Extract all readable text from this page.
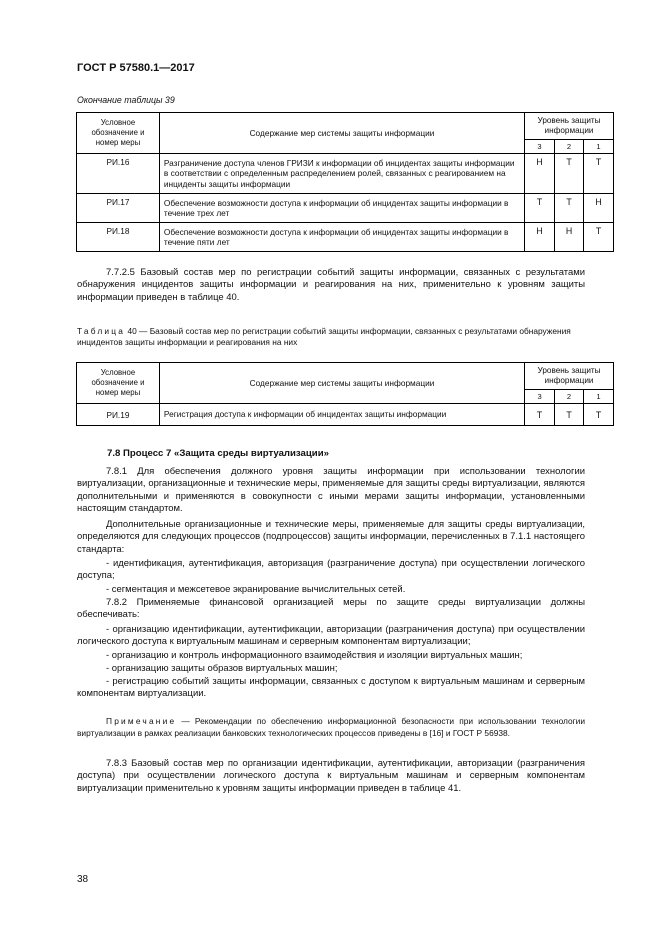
ГОСТ Р 57580.1—2017
Окончание таблицы 39
Условное обозначение и номер меры	Содержание мер системы защиты информации	Уровень защиты информации		
		3	2	1
РИ.16	Разграничение доступа членов ГРИЗИ к информации об инцидентах защиты информации в соответствии с определенным распределением ролей, связанных с реагированием на инциденты защиты информации	Н	Т	Т
РИ.17	Обеспечение возможности доступа к информации об инцидентах защиты информации в течение трех лет	Т	Т	Н
РИ.18	Обеспечение возможности доступа к информации об инцидентах защиты информации в течение пяти лет	Н	Н	Т
7.7.2.5 Базовый состав мер по регистрации событий защиты информации, связанных с результатами обнаружения инцидентов защиты информации и реагирования на них, применительно к уровням защиты информации приведен в таблице 40.
Таблица 40 — Базовый состав мер по регистрации событий защиты информации, связанных с результатами обнаружения инцидентов защиты информации и реагирования на них
Условное обозначение и номер меры	Содержание мер системы защиты информации	Уровень защиты информации		
		3	2	1
РИ.19	Регистрация доступа к информации об инцидентах защиты информации	Т	Т	Т
7.8 Процесс 7 «Защита среды виртуализации»
7.8.1 Для обеспечения должного уровня защиты информации при использовании технологии виртуализации, организационные и технические меры, применяемые для защиты среды виртуализации, являются дополнительными и применяются в совокупности с иными мерами защиты информации, установленными настоящим стандартом.
Дополнительные организационные и технические меры, применяемые для защиты среды виртуализации, определяются для следующих процессов (подпроцессов) защиты информации, перечисленных в 7.1.1 настоящего стандарта:
- идентификация, аутентификация, авторизация (разграничение доступа) при осуществлении логического доступа;
- сегментация и межсетевое экранирование вычислительных сетей.
7.8.2 Применяемые финансовой организацией меры по защите среды виртуализации должны обеспечивать:
- организацию идентификации, аутентификации, авторизации (разграничения доступа) при осуществлении логического доступа к виртуальным машинам и серверным компонентам виртуализации;
- организацию и контроль информационного взаимодействия и изоляции виртуальных машин;
- организацию защиты образов виртуальных машин;
- регистрацию событий защиты информации, связанных с доступом к виртуальным машинам и серверным компонентам виртуализации.
Примечание — Рекомендации по обеспечению информационной безопасности при использовании технологии виртуализации в рамках реализации банковских технологических процессов приведены в [16] и ГОСТ Р 56938.
7.8.3 Базовый состав мер по организации идентификации, аутентификации, авторизации (разграничения доступа) при осуществлении логического доступа к виртуальным машинам и серверным компонентам виртуализации применительно к уровням защиты информации приведен в таблице 41.
38
